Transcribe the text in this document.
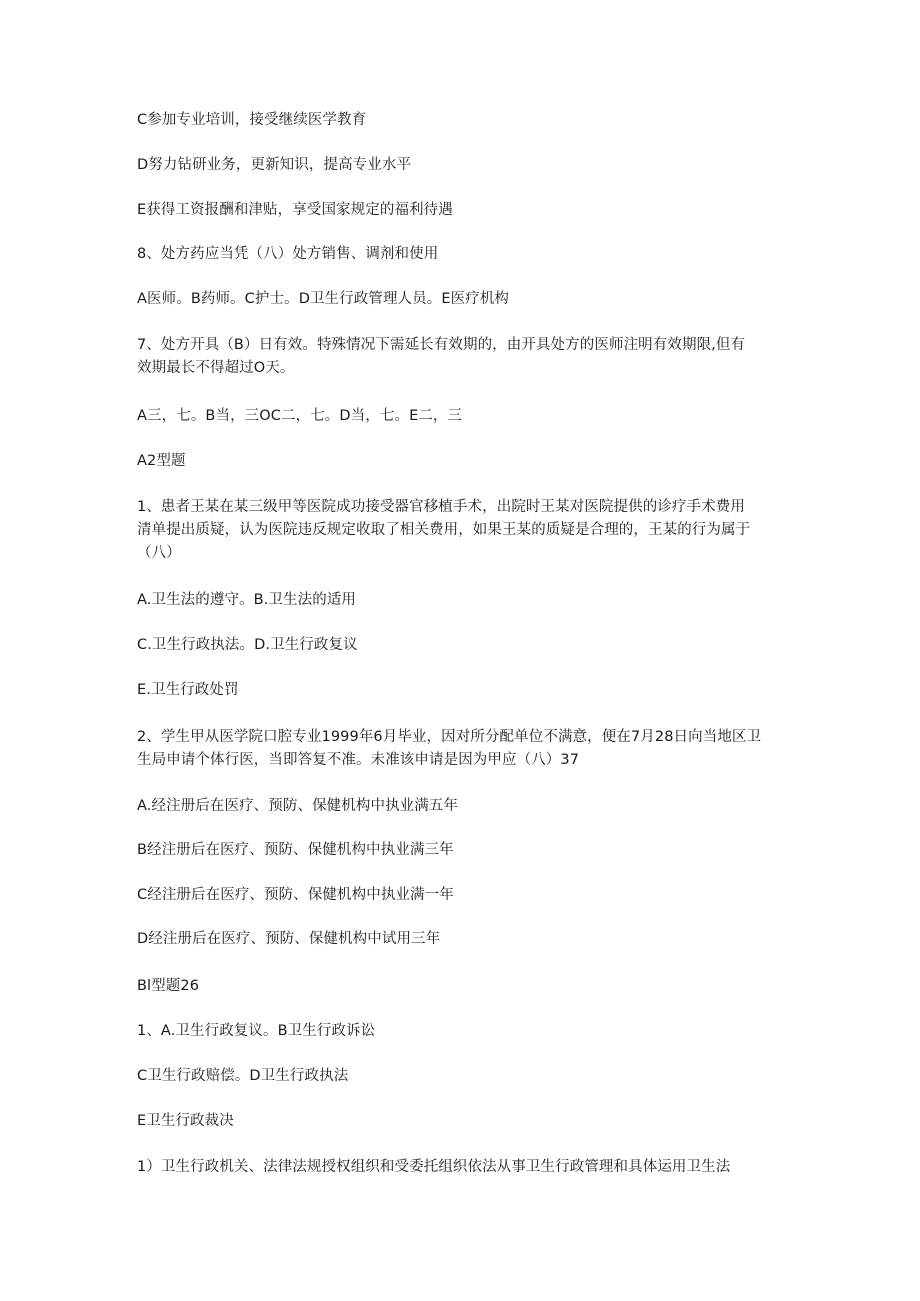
C参加专业培训，接受继续医学教育
D努力钻研业务，更新知识，提高专业水平
E获得工资报酬和津贴，享受国家规定的福利待遇
8、处方药应当凭（八）处方销售、调剂和使用
A医师。B药师。C护士。D卫生行政管理人员。E医疗机构
7、处方开具（B）日有效。特殊情况下需延长有效期的，由开具处方的医师注明有效期限,但有
效期最长不得超过O天。
A三，七。B当，三OC二，七。D当，七。E二，三
A2型题
1、患者王某在某三级甲等医院成功接受器官移植手术，出院时王某对医院提供的诊疗手术费用
清单提出质疑，认为医院违反规定收取了相关费用，如果王某的质疑是合理的，王某的行为属于
（八）
A.卫生法的遵守。B.卫生法的适用
C.卫生行政执法。D.卫生行政复议
E.卫生行政处罚
2、学生甲从医学院口腔专业1999年6月毕业，因对所分配单位不满意，便在7月28日向当地区卫
生局申请个体行医，当即答复不准。未准该申请是因为甲应（八）37
A.经注册后在医疗、预防、保健机构中执业满五年
B经注册后在医疗、预防、保健机构中执业满三年
C经注册后在医疗、预防、保健机构中执业满一年
D经注册后在医疗、预防、保健机构中试用三年
Bl型题26
1、A.卫生行政复议。B卫生行政诉讼
C卫生行政赔偿。D卫生行政执法
E卫生行政裁决
1）卫生行政机关、法律法规授权组织和受委托组织依法从事卫生行政管理和具体运用卫生法
